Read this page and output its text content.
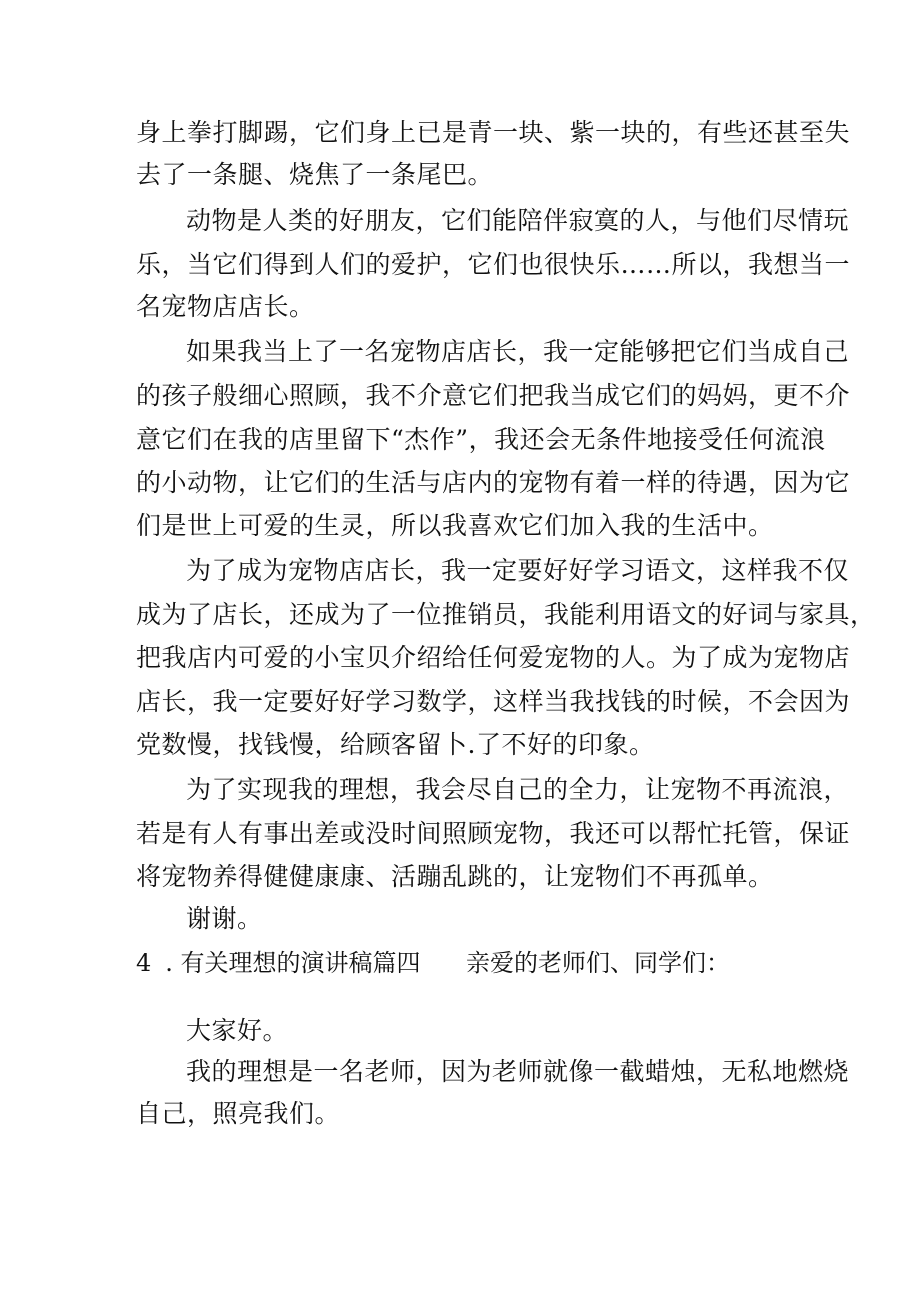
身上拳打脚踢，它们身上已是青一块、紫一块的，有些还甚至失
去了一条腿、烧焦了一条尾巴。
动物是人类的好朋友，它们能陪伴寂寞的人，与他们尽情玩
乐，当它们得到人们的爱护，它们也很快乐……所以，我想当一
名宠物店店长。
如果我当上了一名宠物店店长，我一定能够把它们当成自己
的孩子般细心照顾，我不介意它们把我当成它们的妈妈，更不介
意它们在我的店里留下“杰作”，我还会无条件地接受任何流浪
的小动物，让它们的生活与店内的宠物有着一样的待遇，因为它
们是世上可爱的生灵，所以我喜欢它们加入我的生活中。
为了成为宠物店店长，我一定要好好学习语文，这样我不仅
成为了店长，还成为了一位推销员，我能利用语文的好词与家具，
把我店内可爱的小宝贝介绍给任何爱宠物的人。为了成为宠物店
店长，我一定要好好学习数学，这样当我找钱的时候，不会因为
党数慢，找钱慢，给顾客留卜.了不好的印象。
为了实现我的理想，我会尽自己的全力，让宠物不再流浪，
若是有人有事出差或没时间照顾宠物，我还可以帮忙托管，保证
将宠物养得健健康康、活蹦乱跳的，让宠物们不再孤单。
谢谢。
4 . 有关理想的演讲稿篇四 亲爱的老师们、同学们：
大家好。
我的理想是一名老师，因为老师就像一截蜡烛，无私地燃烧
自己，照亮我们。
